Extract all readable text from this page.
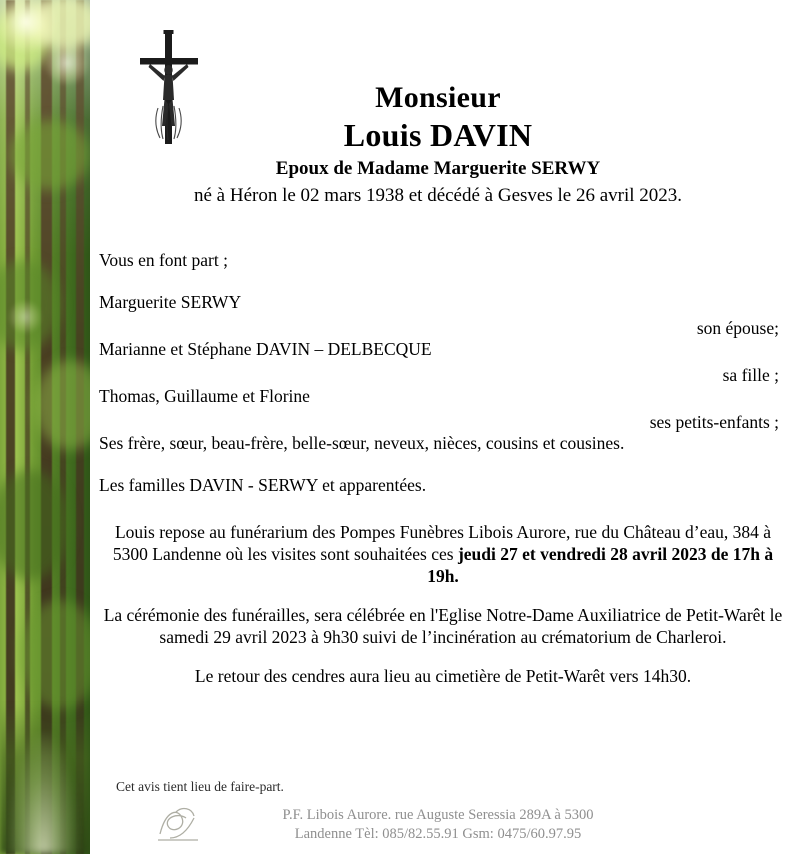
Monsieur
Louis DAVIN
Epoux de Madame Marguerite SERWY
né à Héron le 02 mars 1938 et décédé à Gesves le 26 avril 2023.

Vous en font part ;

Marguerite SERWY

son épouse;

Marianne et Stéphane DAVIN – DELBECQUE

sa fille ;

Thomas, Guillaume et Florine

ses petits-enfants ;

Ses frère, sœur, beau-frère, belle-sœur, neveux, nièces, cousins et cousines.

Les familles DAVIN - SERWY et apparentées.

Louis repose au funérarium des Pompes Funèbres Libois Aurore, rue du Château d’eau, 384 à 5300 Landenne où les visites sont souhaitées ces jeudi 27 et vendredi 28 avril 2023 de 17h à 19h.

La cérémonie des funérailles, sera célébrée en l'Eglise Notre-Dame Auxiliatrice de Petit-Warêt le samedi 29 avril 2023 à 9h30 suivi de l’incinération au crématorium de Charleroi.

Le retour des cendres aura lieu au cimetière de Petit-Warêt vers 14h30.

Cet avis tient lieu de faire-part.
P.F. Libois Aurore. rue Auguste Seressia 289A à 5300
Landenne Tèl: 085/82.55.91 Gsm: 0475/60.97.95
